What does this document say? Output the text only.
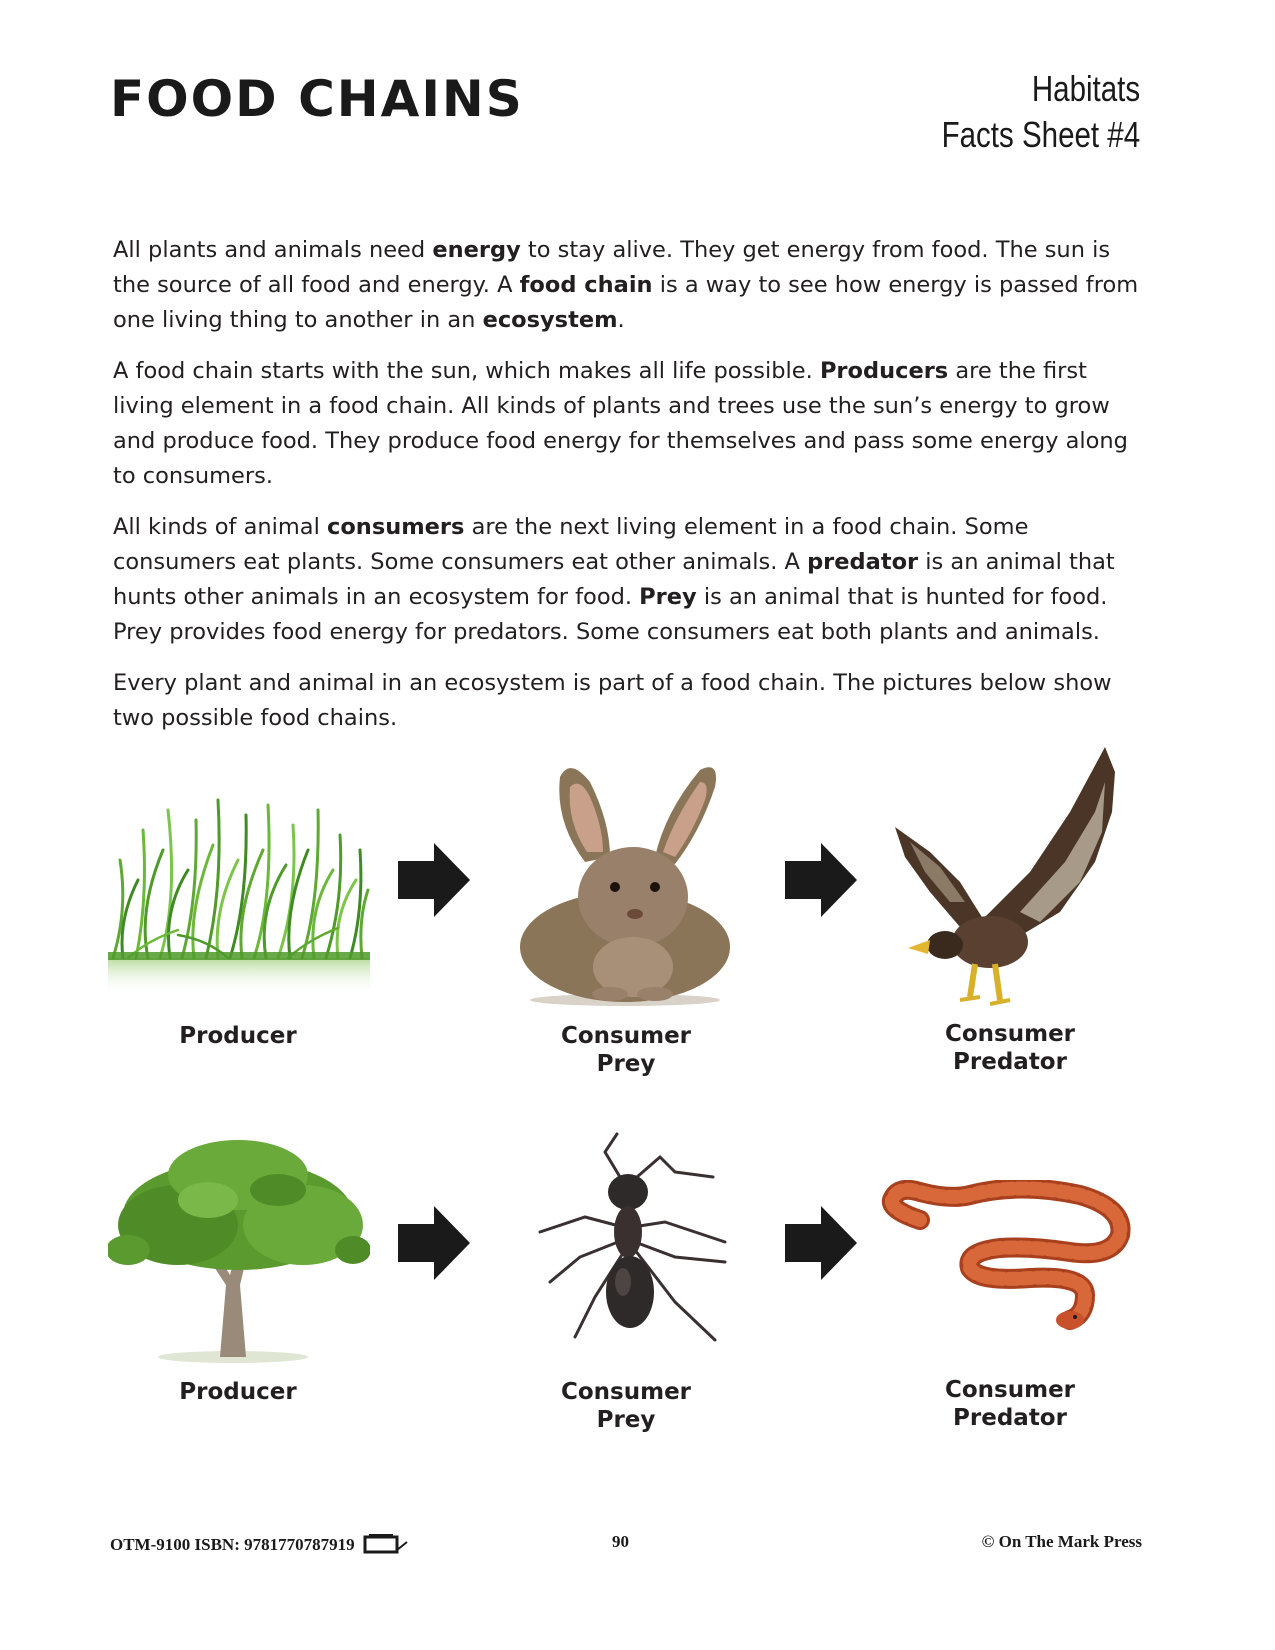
FOOD CHAINS	Habitats
Facts Sheet #4

All plants and animals need energy to stay alive. They get energy from food. The sun is the source of all food and energy. A food chain is a way to see how energy is passed from one living thing to another in an ecosystem.

A food chain starts with the sun, which makes all life possible. Producers are the first living element in a food chain. All kinds of plants and trees use the sun’s energy to grow and produce food. They produce food energy for themselves and pass some energy along to consumers.

All kinds of animal consumers are the next living element in a food chain. Some consumers eat plants. Some consumers eat other animals. A predator is an animal that hunts other animals in an ecosystem for food. Prey is an animal that is hunted for food. Prey provides food energy for predators. Some consumers eat both plants and animals.

Every plant and animal in an ecosystem is part of a food chain. The pictures below show two possible food chains.

Producer	Consumer
Prey
Consumer
Predator
Producer	Consumer
Prey
Consumer
Predator
OTM-9100 ISBN: 9781770787919	90	© On The Mark Press
